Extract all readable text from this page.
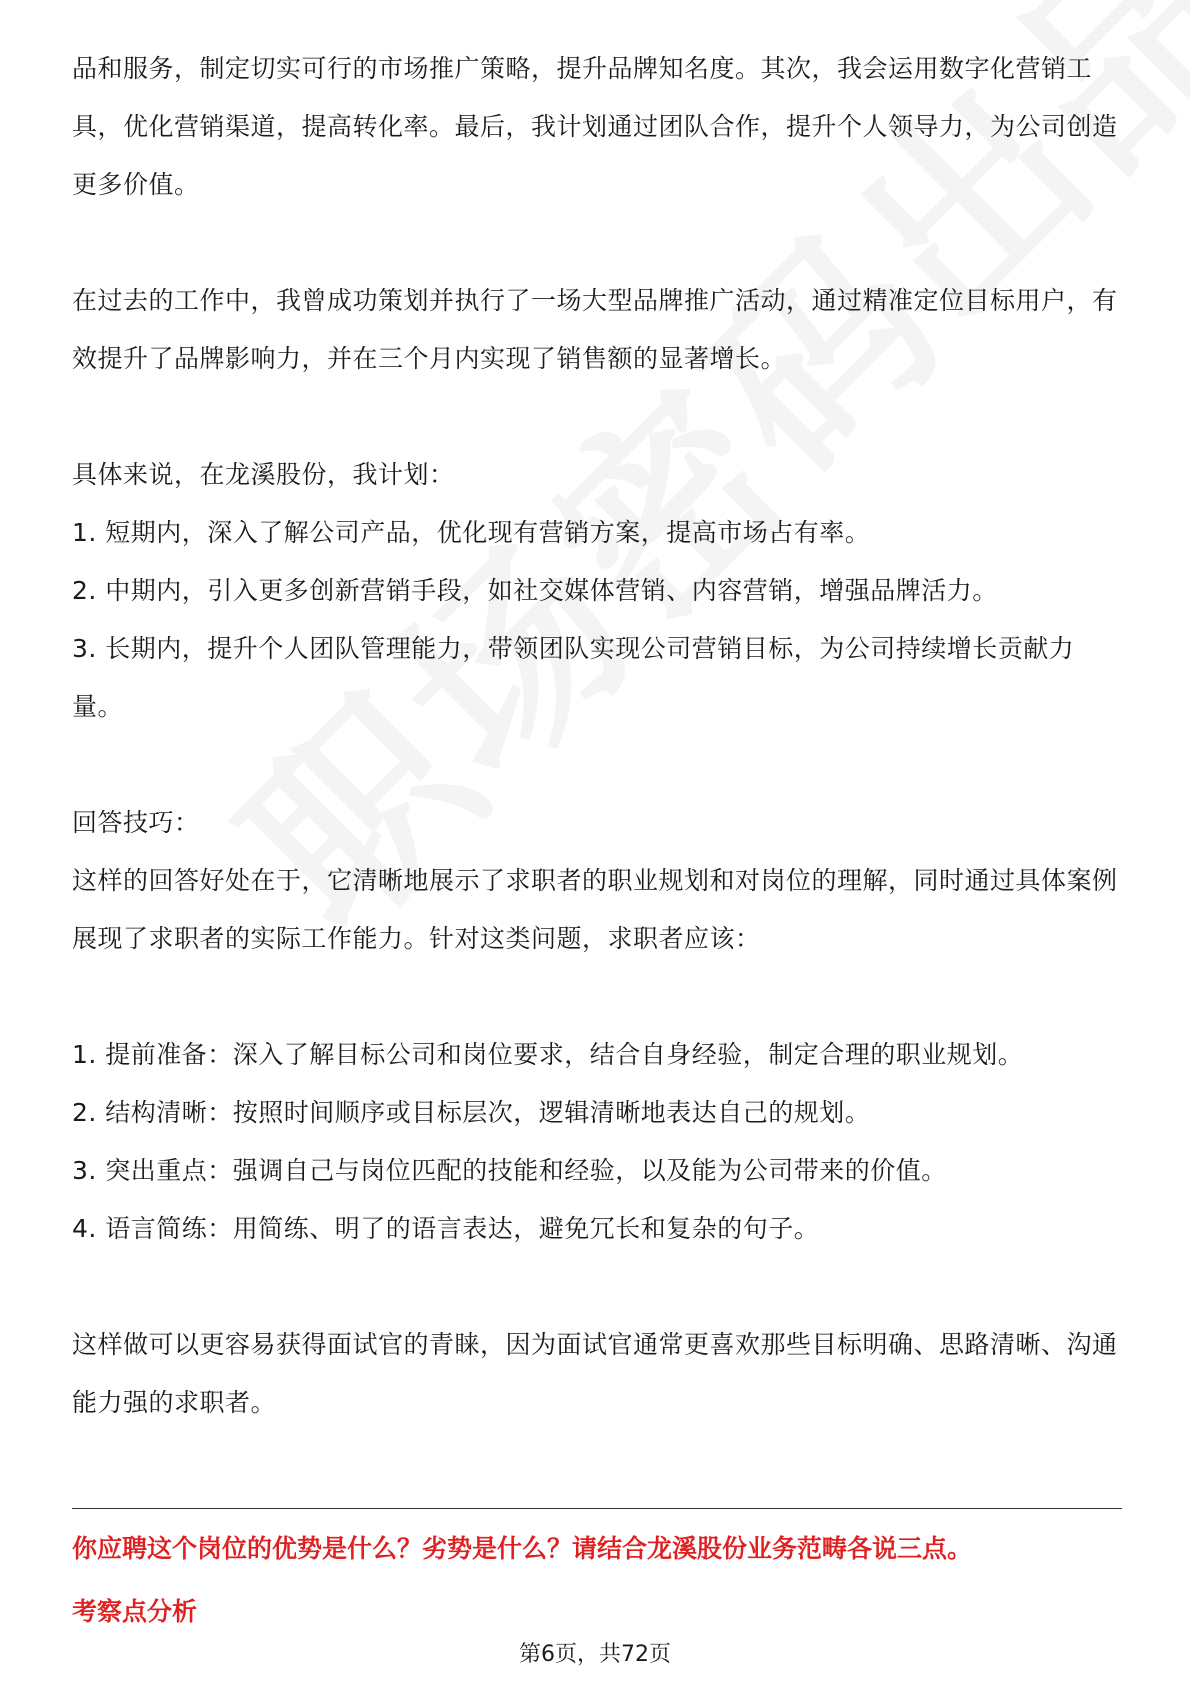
品和服务，制定切实可行的市场推广策略，提升品牌知名度。其次，我会运用数字化营销工具，优化营销渠道，提高转化率。最后，我计划通过团队合作，提升个人领导力，为公司创造更多价值。

在过去的工作中，我曾成功策划并执行了一场大型品牌推广活动，通过精准定位目标用户，有效提升了品牌影响力，并在三个月内实现了销售额的显著增长。

具体来说，在龙溪股份，我计划：

1. 短期内，深入了解公司产品，优化现有营销方案，提高市场占有率。

2. 中期内，引入更多创新营销手段，如社交媒体营销、内容营销，增强品牌活力。

3. 长期内，提升个人团队管理能力，带领团队实现公司营销目标，为公司持续增长贡献力量。

回答技巧：

这样的回答好处在于，它清晰地展示了求职者的职业规划和对岗位的理解，同时通过具体案例展现了求职者的实际工作能力。针对这类问题，求职者应该：

1. 提前准备：深入了解目标公司和岗位要求，结合自身经验，制定合理的职业规划。

2. 结构清晰：按照时间顺序或目标层次，逻辑清晰地表达自己的规划。

3. 突出重点：强调自己与岗位匹配的技能和经验，以及能为公司带来的价值。

4. 语言简练：用简练、明了的语言表达，避免冗长和复杂的句子。

这样做可以更容易获得面试官的青睐，因为面试官通常更喜欢那些目标明确、思路清晰、沟通能力强的求职者。

你应聘这个岗位的优势是什么？劣势是什么？请结合龙溪股份业务范畴各说三点。
考察点分析
第6页，共72页
